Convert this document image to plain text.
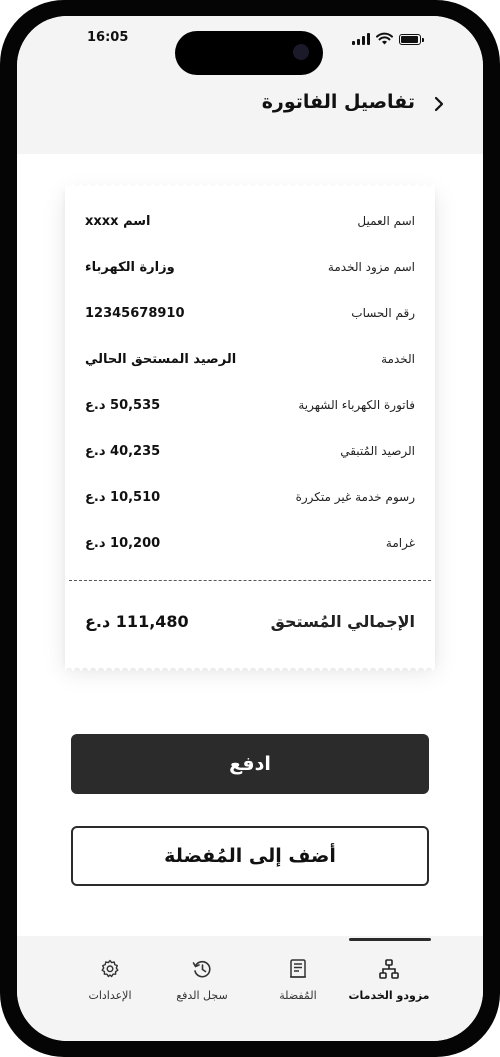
16:05
تفاصيل الفاتورة
اسم العميل
اسم xxxx
اسم مزود الخدمة
وزارة الكهرباء
رقم الحساب
12345678910
الخدمة
الرصيد المستحق الحالي
فاتورة الكهرباء الشهرية
50,535 د.ع
الرصيد المُتبقي
40,235 د.ع
رسوم خدمة غير متكررة
10,510 د.ع
غرامة
10,200 د.ع
الإجمالي المُستحق
111,480 د.ع
ادفع
أضف إلى المُفضلة
مزودو الخدمات
المُفضلة
سجل الدفع
الإعدادات
